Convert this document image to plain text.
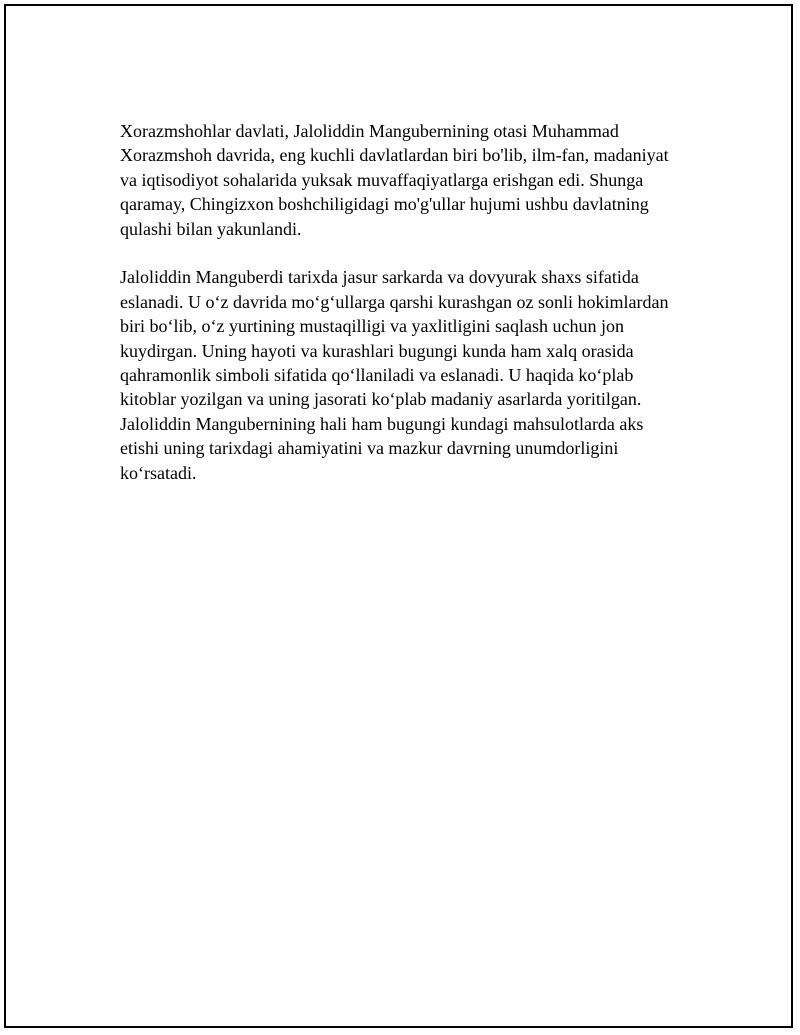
Xorazmshohlar davlati, Jaloliddin Mangubernining otasi Muhammad
Xorazmshoh davrida, eng kuchli davlatlardan biri bo'lib, ilm-fan, madaniyat
va iqtisodiyot sohalarida yuksak muvaffaqiyatlarga erishgan edi. Shunga
qaramay, Chingizxon boshchiligidagi mo'g'ullar hujumi ushbu davlatning
qulashi bilan yakunlandi.

Jaloliddin Manguberdi tarixda jasur sarkarda va dovyurak shaxs sifatida
eslanadi. U o‘z davrida mo‘g‘ullarga qarshi kurashgan oz sonli hokimlardan
biri bo‘lib, o‘z yurtining mustaqilligi va yaxlitligini saqlash uchun jon
kuydirgan. Uning hayoti va kurashlari bugungi kunda ham xalq orasida
qahramonlik simboli sifatida qo‘llaniladi va eslanadi. U haqida ko‘plab
kitoblar yozilgan va uning jasorati ko‘plab madaniy asarlarda yoritilgan.
Jaloliddin Mangubernining hali ham bugungi kundagi mahsulotlarda aks
etishi uning tarixdagi ahamiyatini va mazkur davrning unumdorligini
ko‘rsatadi.
